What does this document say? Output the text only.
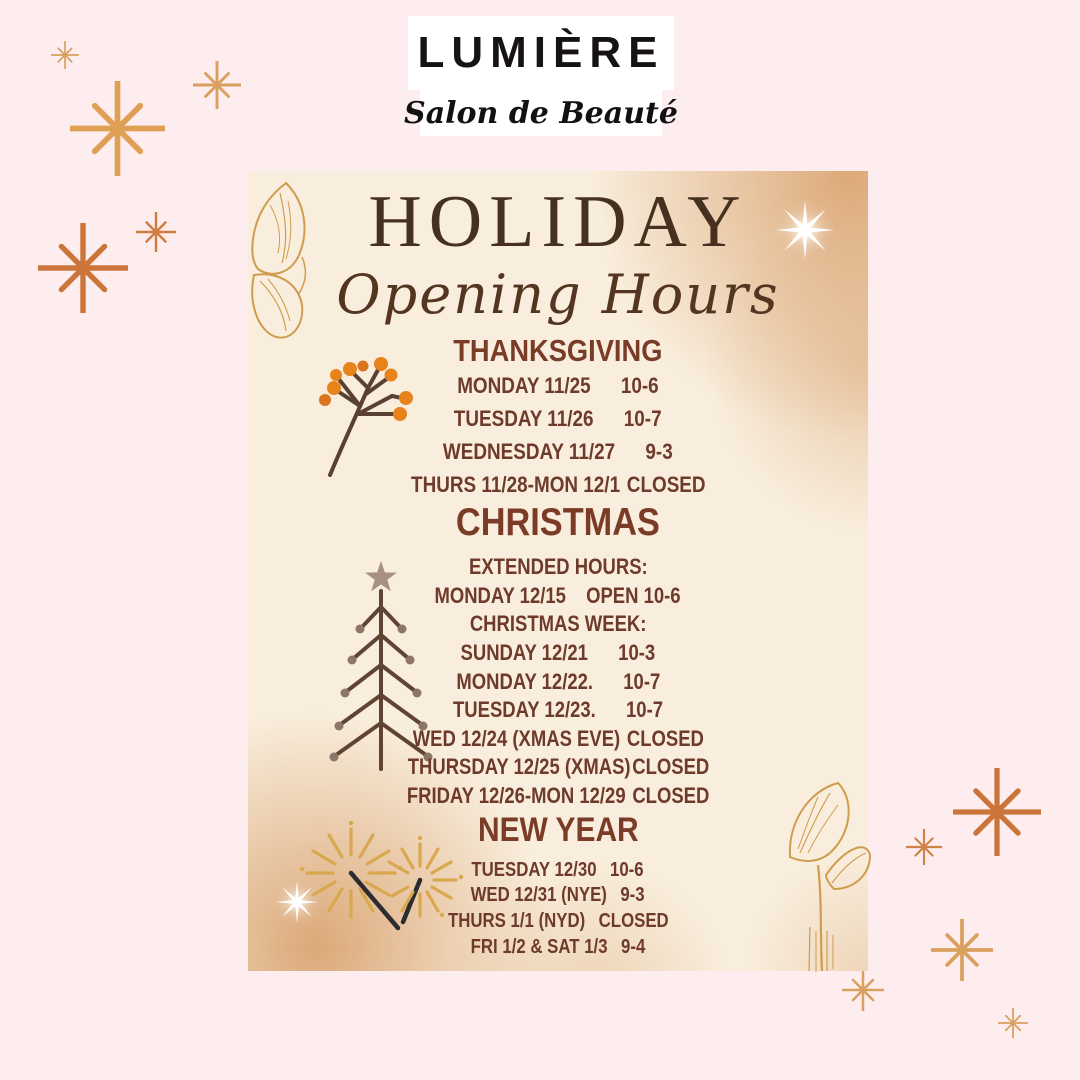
LUMIÈRE
Salon de Beauté
HOLIDAY
Opening Hours
THANKSGIVING
MONDAY 11/25 10-6
TUESDAY 11/26 10-7
WEDNESDAY 11/27 9-3
THURS 11/28-MON 12/1 CLOSED
CHRISTMAS
EXTENDED HOURS:
MONDAY 12/15 OPEN 10-6
CHRISTMAS WEEK:
SUNDAY 12/21 10-3
MONDAY 12/22. 10-7
TUESDAY 12/23. 10-7
WED 12/24 (XMAS EVE) CLOSED
THURSDAY 12/25 (XMAS) CLOSED
FRIDAY 12/26-MON 12/29 CLOSED
NEW YEAR
TUESDAY 12/30 10-6
WED 12/31 (NYE) 9-3
THURS 1/1 (NYD) CLOSED
FRI 1/2 & SAT 1/3 9-4
